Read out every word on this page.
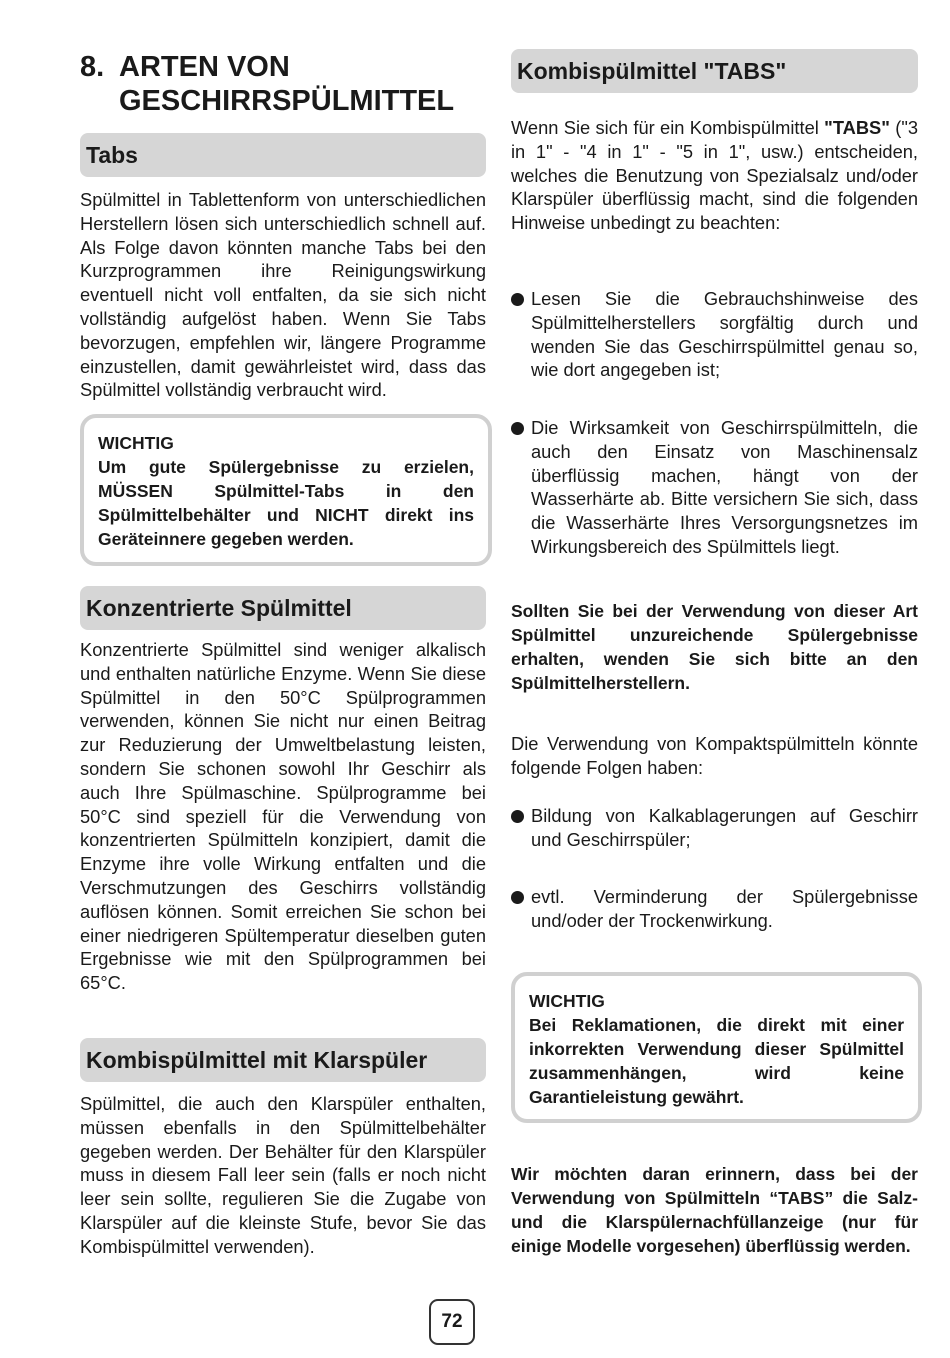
8. ARTEN VON GESCHIRRSPÜLMITTEL
Tabs
Spülmittel in Tablettenform von unterschiedlichen Herstellern lösen sich unterschiedlich schnell auf. Als Folge davon könnten manche Tabs bei den Kurzprogrammen ihre Reinigungswirkung eventuell nicht voll entfalten, da sie sich nicht vollständig aufgelöst haben. Wenn Sie Tabs bevorzugen, empfehlen wir, längere Programme einzustellen, damit gewährleistet wird, dass das Spülmittel vollständig verbraucht wird.
WICHTIG
Um gute Spülergebnisse zu erzielen, MÜSSEN Spülmittel-Tabs in den Spülmittelbehälter und NICHT direkt ins Geräteinnere gegeben werden.
Konzentrierte Spülmittel
Konzentrierte Spülmittel sind weniger alkalisch und enthalten natürliche Enzyme. Wenn Sie diese Spülmittel in den 50°C Spülprogrammen verwenden, können Sie nicht nur einen Beitrag zur Reduzierung der Umweltbelastung leisten, sondern Sie schonen sowohl Ihr Geschirr als auch Ihre Spülmaschine. Spülprogramme bei 50°C sind speziell für die Verwendung von konzentrierten Spülmitteln konzipiert, damit die Enzyme ihre volle Wirkung entfalten und die Verschmutzungen des Geschirrs vollständig auflösen können. Somit erreichen Sie schon bei einer niedrigeren Spültemperatur dieselben guten Ergebnisse wie mit den Spülprogrammen bei 65°C.
Kombispülmittel mit Klarspüler
Spülmittel, die auch den Klarspüler enthalten, müssen ebenfalls in den Spülmittelbehälter gegeben werden. Der Behälter für den Klarspüler muss in diesem Fall leer sein (falls er noch nicht leer sein sollte, regulieren Sie die Zugabe von Klarspüler auf die kleinste Stufe, bevor Sie das Kombispülmittel verwenden).
Kombispülmittel "TABS"
Wenn Sie sich für ein Kombispülmittel "TABS" ("3 in 1" - "4 in 1" - "5 in 1", usw.) entscheiden, welches die Benutzung von Spezialsalz und/oder Klarspüler überflüssig macht, sind die folgenden Hinweise unbedingt zu beachten:
Lesen Sie die Gebrauchshinweise des Spülmittelherstellers sorgfältig durch und wenden Sie das Geschirrspülmittel genau so, wie dort angegeben ist;
Die Wirksamkeit von Geschirrspülmitteln, die auch den Einsatz von Maschinensalz überflüssig machen, hängt von der Wasserhärte ab. Bitte versichern Sie sich, dass die Wasserhärte Ihres Versorgungsnetzes im Wirkungsbereich des Spülmittels liegt.
Sollten Sie bei der Verwendung von dieser Art Spülmittel unzureichende Spülergebnisse erhalten, wenden Sie sich bitte an den Spülmittelherstellern.
Die Verwendung von Kompaktspülmitteln könnte folgende Folgen haben:
Bildung von Kalkablagerungen auf Geschirr und Geschirrspüler;
evtl. Verminderung der Spülergebnisse und/oder der Trockenwirkung.
WICHTIG
Bei Reklamationen, die direkt mit einer inkorrekten Verwendung dieser Spülmittel zusammenhängen, wird keine Garantieleistung gewährt.
Wir möchten daran erinnern, dass bei der Verwendung von Spülmitteln “TABS” die Salz- und die Klarspülernachfüllanzeige (nur für einige Modelle vorgesehen) überflüssig werden.
72
